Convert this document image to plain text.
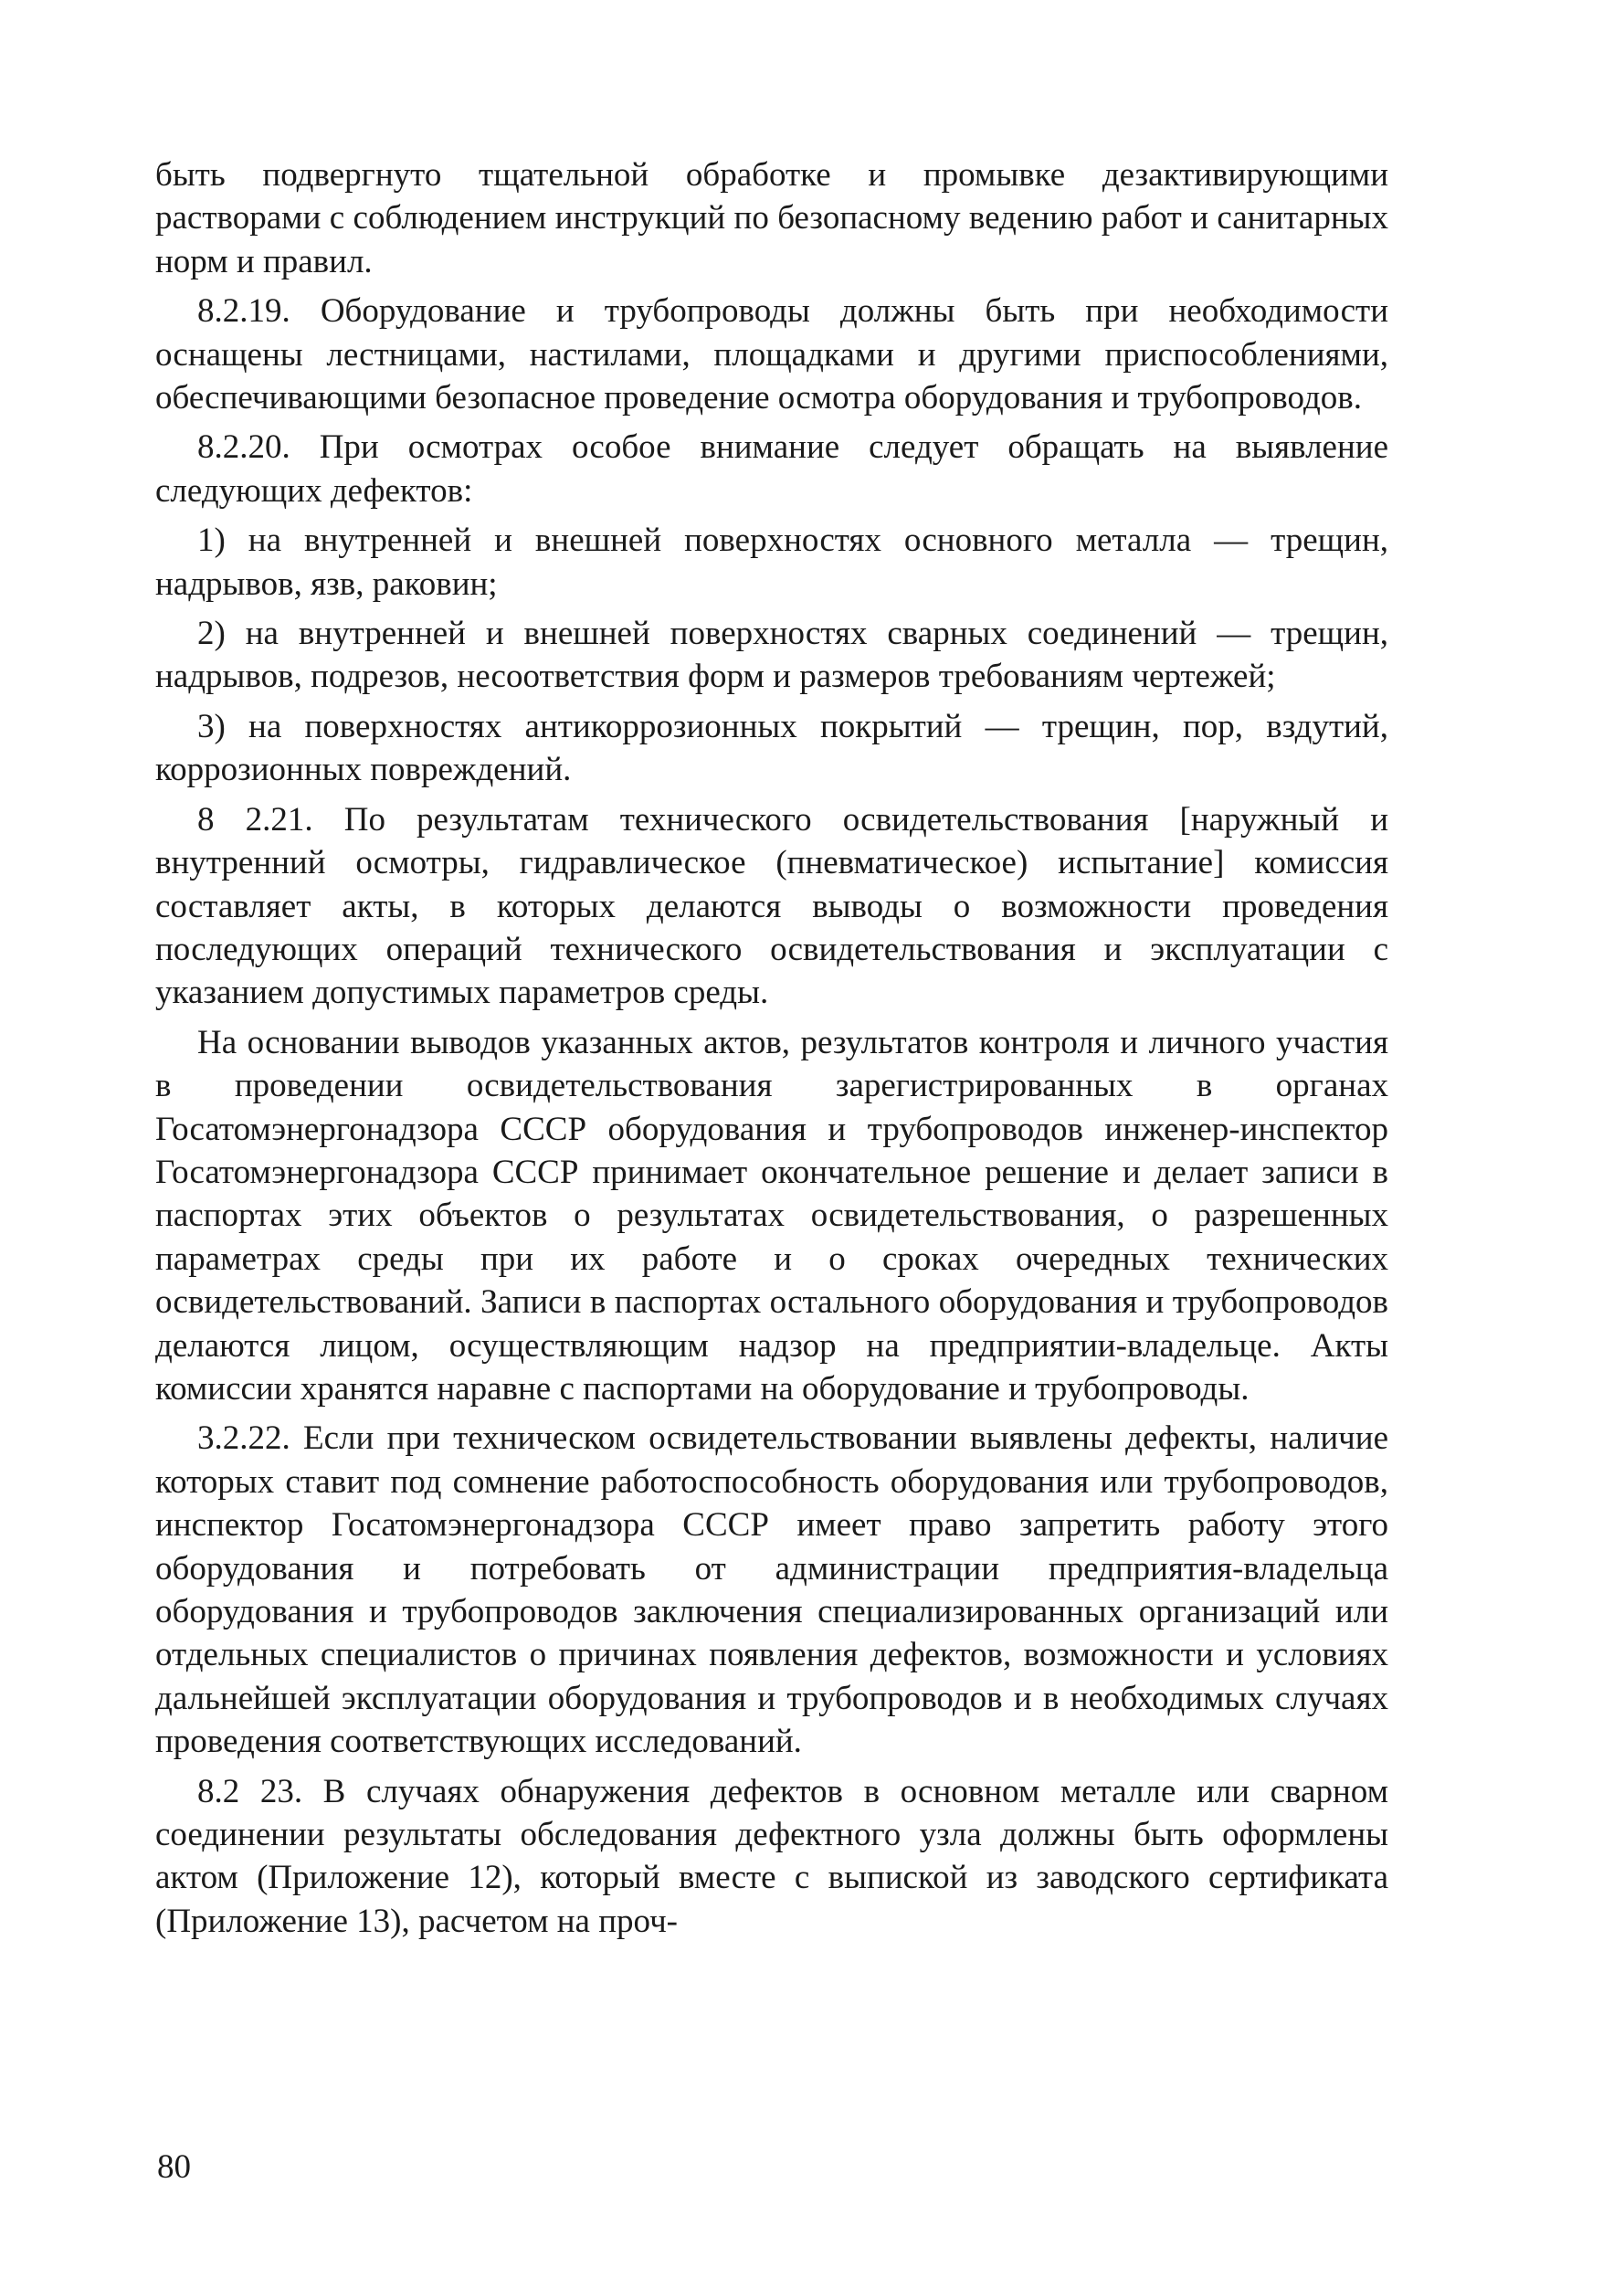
быть подвергнуто тщательной обработке и промывке дезактивирующими растворами с соблюдением инструкций по безопасному ведению работ и санитарных норм и правил.

8.2.19. Оборудование и трубопроводы должны быть при необходимости оснащены лестницами, настилами, площадками и другими приспособлениями, обеспечивающими безопасное проведение осмотра оборудования и трубопроводов.

8.2.20. При осмотрах особое внимание следует обращать на выявление следующих дефектов:

1) на внутренней и внешней поверхностях основного металла — трещин, надрывов, язв, раковин;

2) на внутренней и внешней поверхностях сварных соединений — трещин, надрывов, подрезов, несоответствия форм и размеров требованиям чертежей;

3) на поверхностях антикоррозионных покрытий — трещин, пор, вздутий, коррозионных повреждений.

8 2.21. По результатам технического освидетельствования [наружный и внутренний осмотры, гидравлическое (пневматическое) испытание] комиссия составляет акты, в которых делаются выводы о возможности проведения последующих операций технического освидетельствования и эксплуатации с указанием допустимых параметров среды.

На основании выводов указанных актов, результатов контроля и личного участия в проведении освидетельствования зарегистрированных в органах Госатомэнергонадзора СССР оборудования и трубопроводов инженер-инспектор Госатомэнергонадзора СССР принимает окончательное решение и делает записи в паспортах этих объектов о результатах освидетельствования, о разрешенных параметрах среды при их работе и о сроках очередных технических освидетельствований. Записи в паспортах остального оборудования и трубопроводов делаются лицом, осуществляющим надзор на предприятии-владельце. Акты комиссии хранятся наравне с паспортами на оборудование и трубопроводы.

3.2.22. Если при техническом освидетельствовании выявлены дефекты, наличие которых ставит под сомнение работоспособность оборудования или трубопроводов, инспектор Госатомэнергонадзора СССР имеет право запретить работу этого оборудования и потребовать от администрации предприятия-владельца оборудования и трубопроводов заключения специализированных организаций или отдельных специалистов о причинах появления дефектов, возможности и условиях дальнейшей эксплуатации оборудования и трубопроводов и в необходимых случаях проведения соответствующих исследований.

8.2 23. В случаях обнаружения дефектов в основном металле или сварном соединении результаты обследования дефектного узла должны быть оформлены актом (Приложение 12), который вместе с выпиской из заводского сертификата (Приложение 13), расчетом на проч-

80
